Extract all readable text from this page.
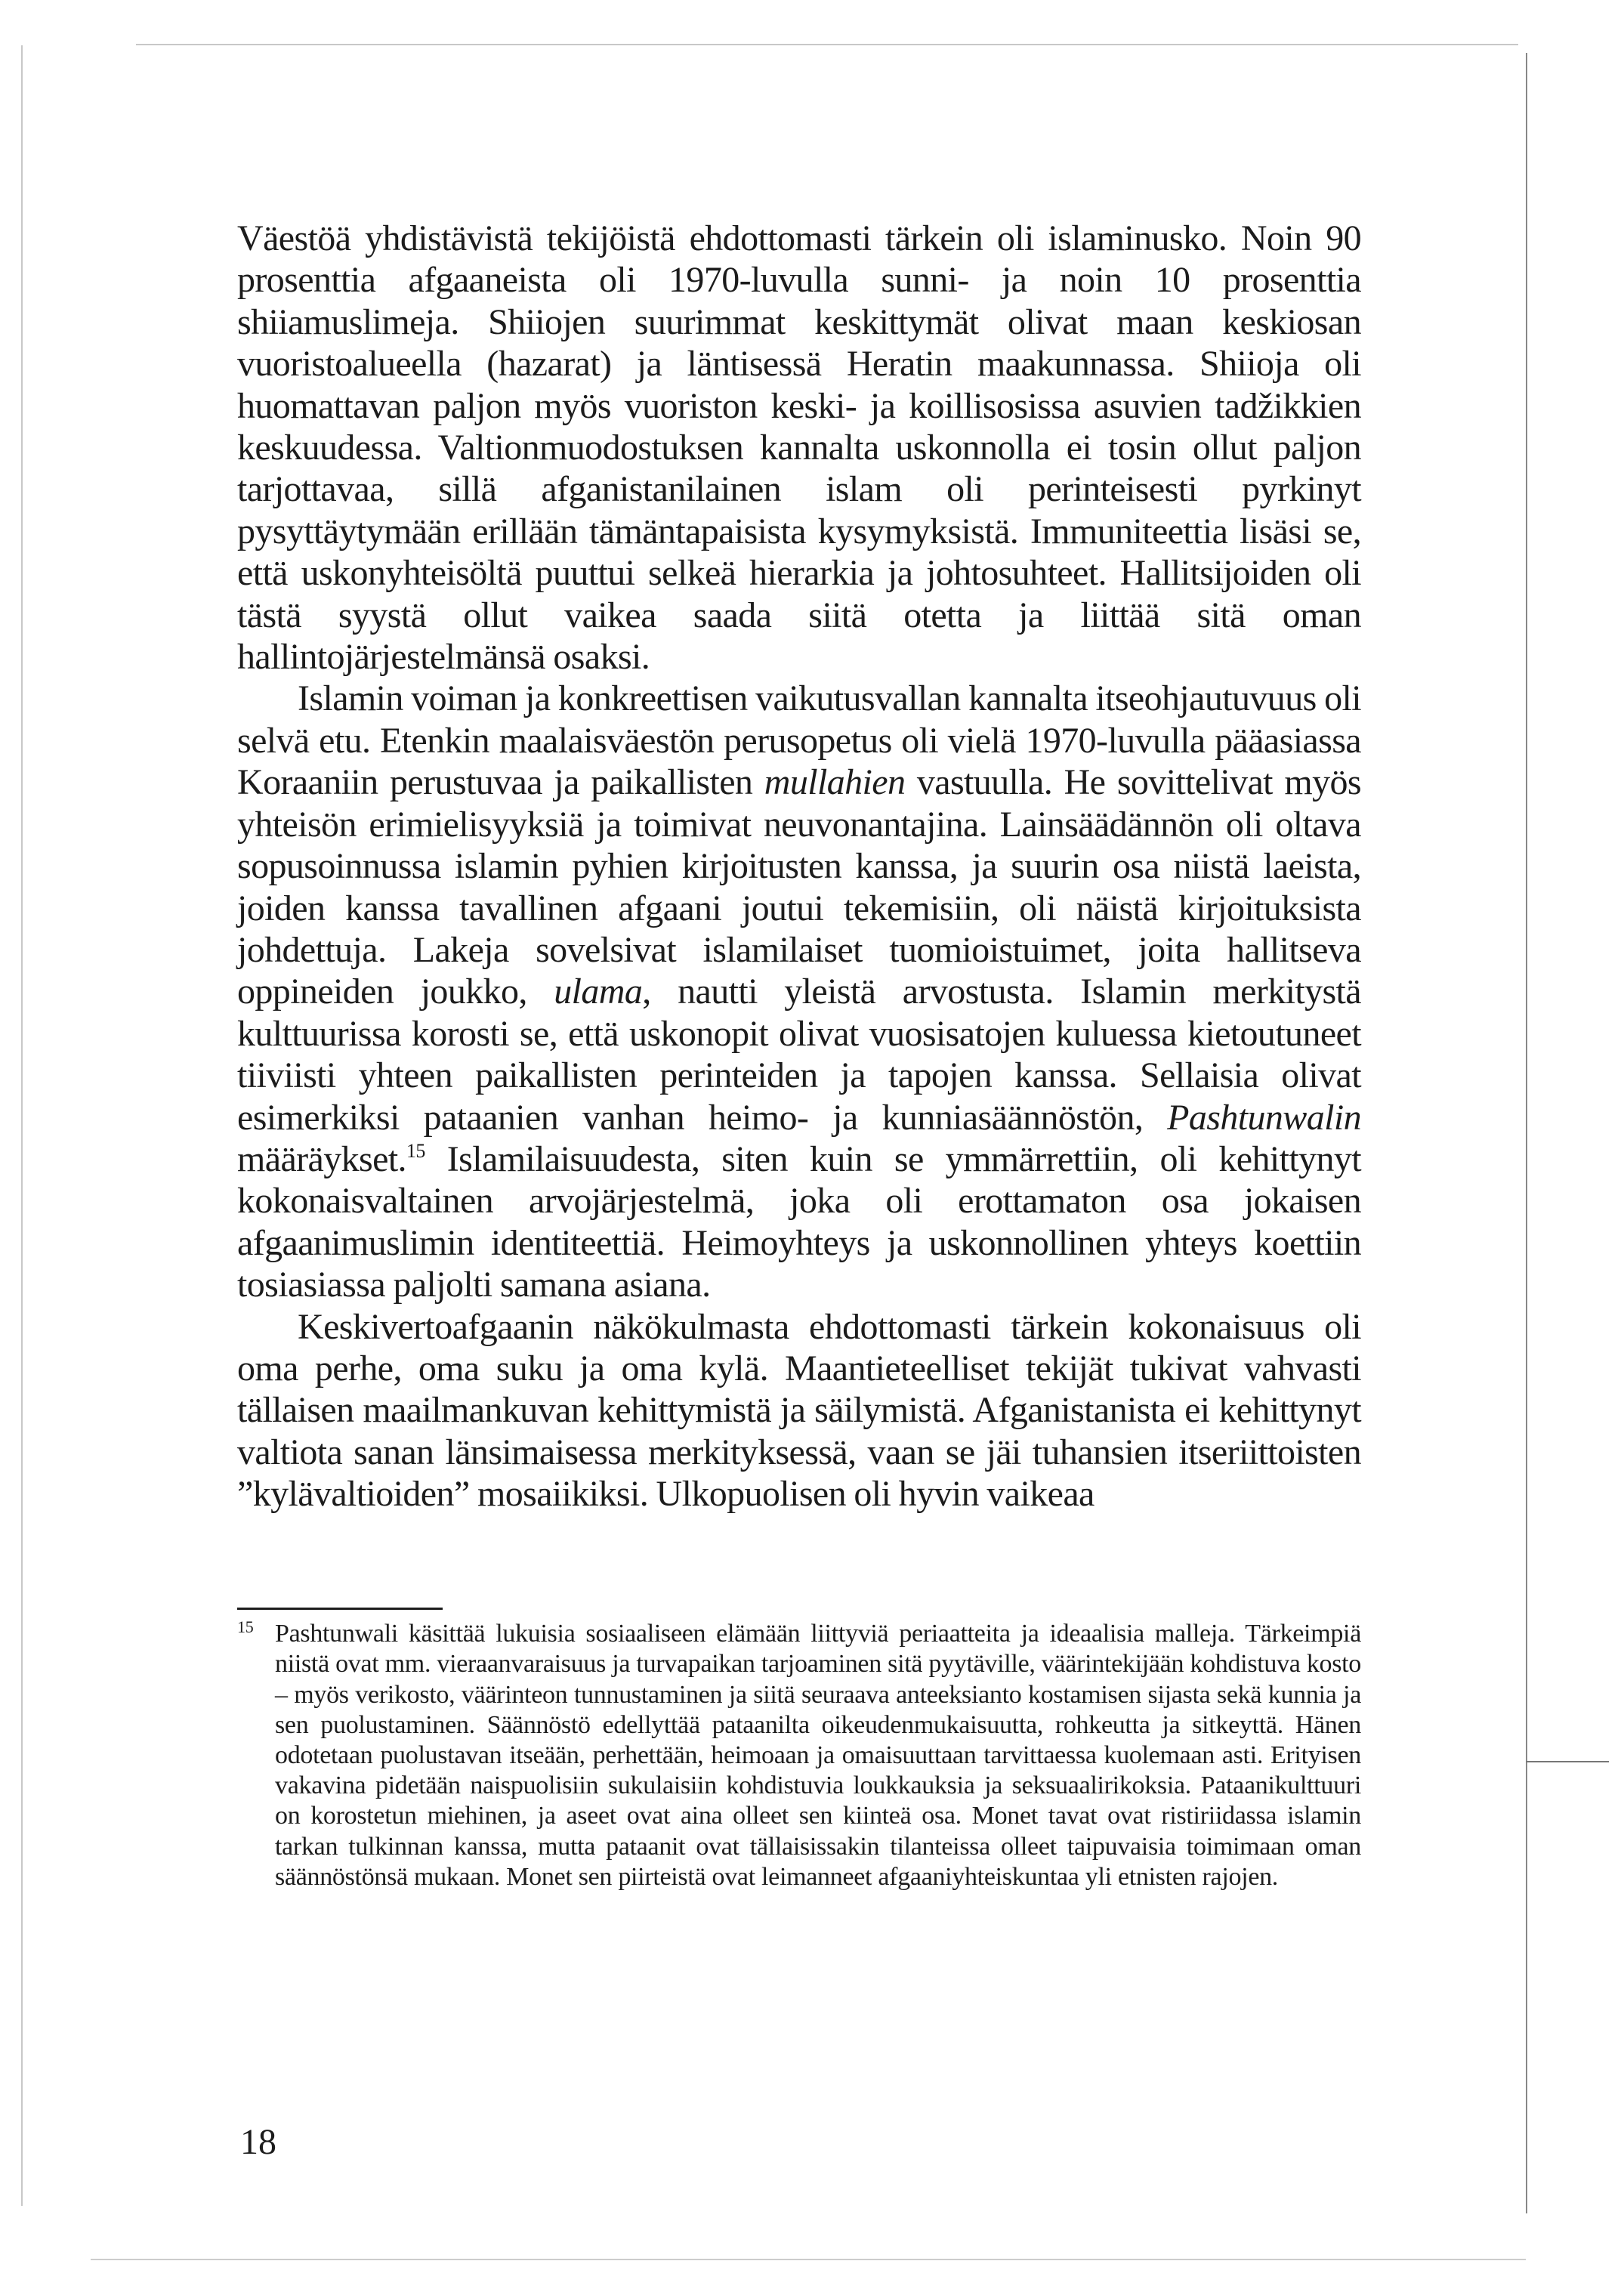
Väestöä yhdistävistä tekijöistä ehdottomasti tärkein oli islaminusko. Noin 90 prosenttia afgaaneista oli 1970-luvulla sunni- ja noin 10 prosenttia shiiamuslimeja. Shiiojen suurimmat keskittymät olivat maan keskiosan vuoristoalueella (hazarat) ja läntisessä Heratin maakunnassa. Shiioja oli huomattavan paljon myös vuoriston keski- ja koillisosissa asuvien tadžikkien keskuudessa. Valtionmuodostuksen kannalta uskonnolla ei tosin ollut paljon tarjottavaa, sillä afganistanilainen islam oli perinteisesti pyrkinyt pysyttäytymään erillään tämäntapaisista kysymyksistä. Immuniteettia lisäsi se, että uskonyhteisöltä puuttui selkeä hierarkia ja johtosuhteet. Hallitsijoiden oli tästä syystä ollut vaikea saada siitä otetta ja liittää sitä oman hallintojärjestelmänsä osaksi.

Islamin voiman ja konkreettisen vaikutusvallan kannalta itseohjautuvuus oli selvä etu. Etenkin maalaisväestön perusopetus oli vielä 1970-luvulla pääasiassa Koraaniin perustuvaa ja paikallisten mullahien vastuulla. He sovittelivat myös yhteisön erimielisyyksiä ja toimivat neuvonantajina. Lainsäädännön oli oltava sopusoinnussa islamin pyhien kirjoitusten kanssa, ja suurin osa niistä laeista, joiden kanssa tavallinen afgaani joutui tekemisiin, oli näistä kirjoituksista johdettuja. Lakeja sovelsivat islamilaiset tuomioistuimet, joita hallitseva oppineiden joukko, ulama, nautti yleistä arvostusta. Islamin merkitystä kulttuurissa korosti se, että uskonopit olivat vuosisatojen kuluessa kietoutuneet tiiviisti yhteen paikallisten perinteiden ja tapojen kanssa. Sellaisia olivat esimerkiksi pataanien vanhan heimo- ja kunniasäännöstön, Pashtunwalin määräykset.$^{15}$ Islamilaisuudesta, siten kuin se ymmärrettiin, oli kehittynyt kokonaisvaltainen arvojärjestelmä, joka oli erottamaton osa jokaisen afgaanimuslimin identiteettiä. Heimoyhteys ja uskonnollinen yhteys koettiin tosiasiassa paljolti samana asiana.

Keskivertoafgaanin näkökulmasta ehdottomasti tärkein kokonaisuus oli oma perhe, oma suku ja oma kylä. Maantieteelliset tekijät tukivat vahvasti tällaisen maailmankuvan kehittymistä ja säilymistä. Afganistanista ei kehittynyt valtiota sanan länsimaisessa merkityksessä, vaan se jäi tuhansien itseriittoisten ”kylävaltioiden” mosaiikiksi. Ulkopuolisen oli hyvin vaikeaa

15 Pashtunwali käsittää lukuisia sosiaaliseen elämään liittyviä periaatteita ja ideaalisia malleja. Tärkeimpiä niistä ovat mm. vieraanvaraisuus ja turvapaikan tarjoaminen sitä pyytäville, väärintekijään kohdistuva kosto – myös verikosto, väärinteon tunnustaminen ja siitä seuraava anteeksianto kostamisen sijasta sekä kunnia ja sen puolustaminen. Säännöstö edellyttää pataanilta oikeudenmukaisuutta, rohkeutta ja sitkeyttä. Hänen odotetaan puolustavan itseään, perhettään, heimoaan ja omaisuuttaan tarvittaessa kuolemaan asti. Erityisen vakavina pidetään naispuolisiin sukulaisiin kohdistuvia loukkauksia ja seksuaalirikoksia. Pataanikulttuuri on korostetun miehinen, ja aseet ovat aina olleet sen kiinteä osa. Monet tavat ovat ristiriidassa islamin tarkan tulkinnan kanssa, mutta pataanit ovat tällaisissakin tilanteissa olleet taipuvaisia toimimaan oman säännöstönsä mukaan. Monet sen piirteistä ovat leimanneet afgaaniyhteiskuntaa yli etnisten rajojen.
18
